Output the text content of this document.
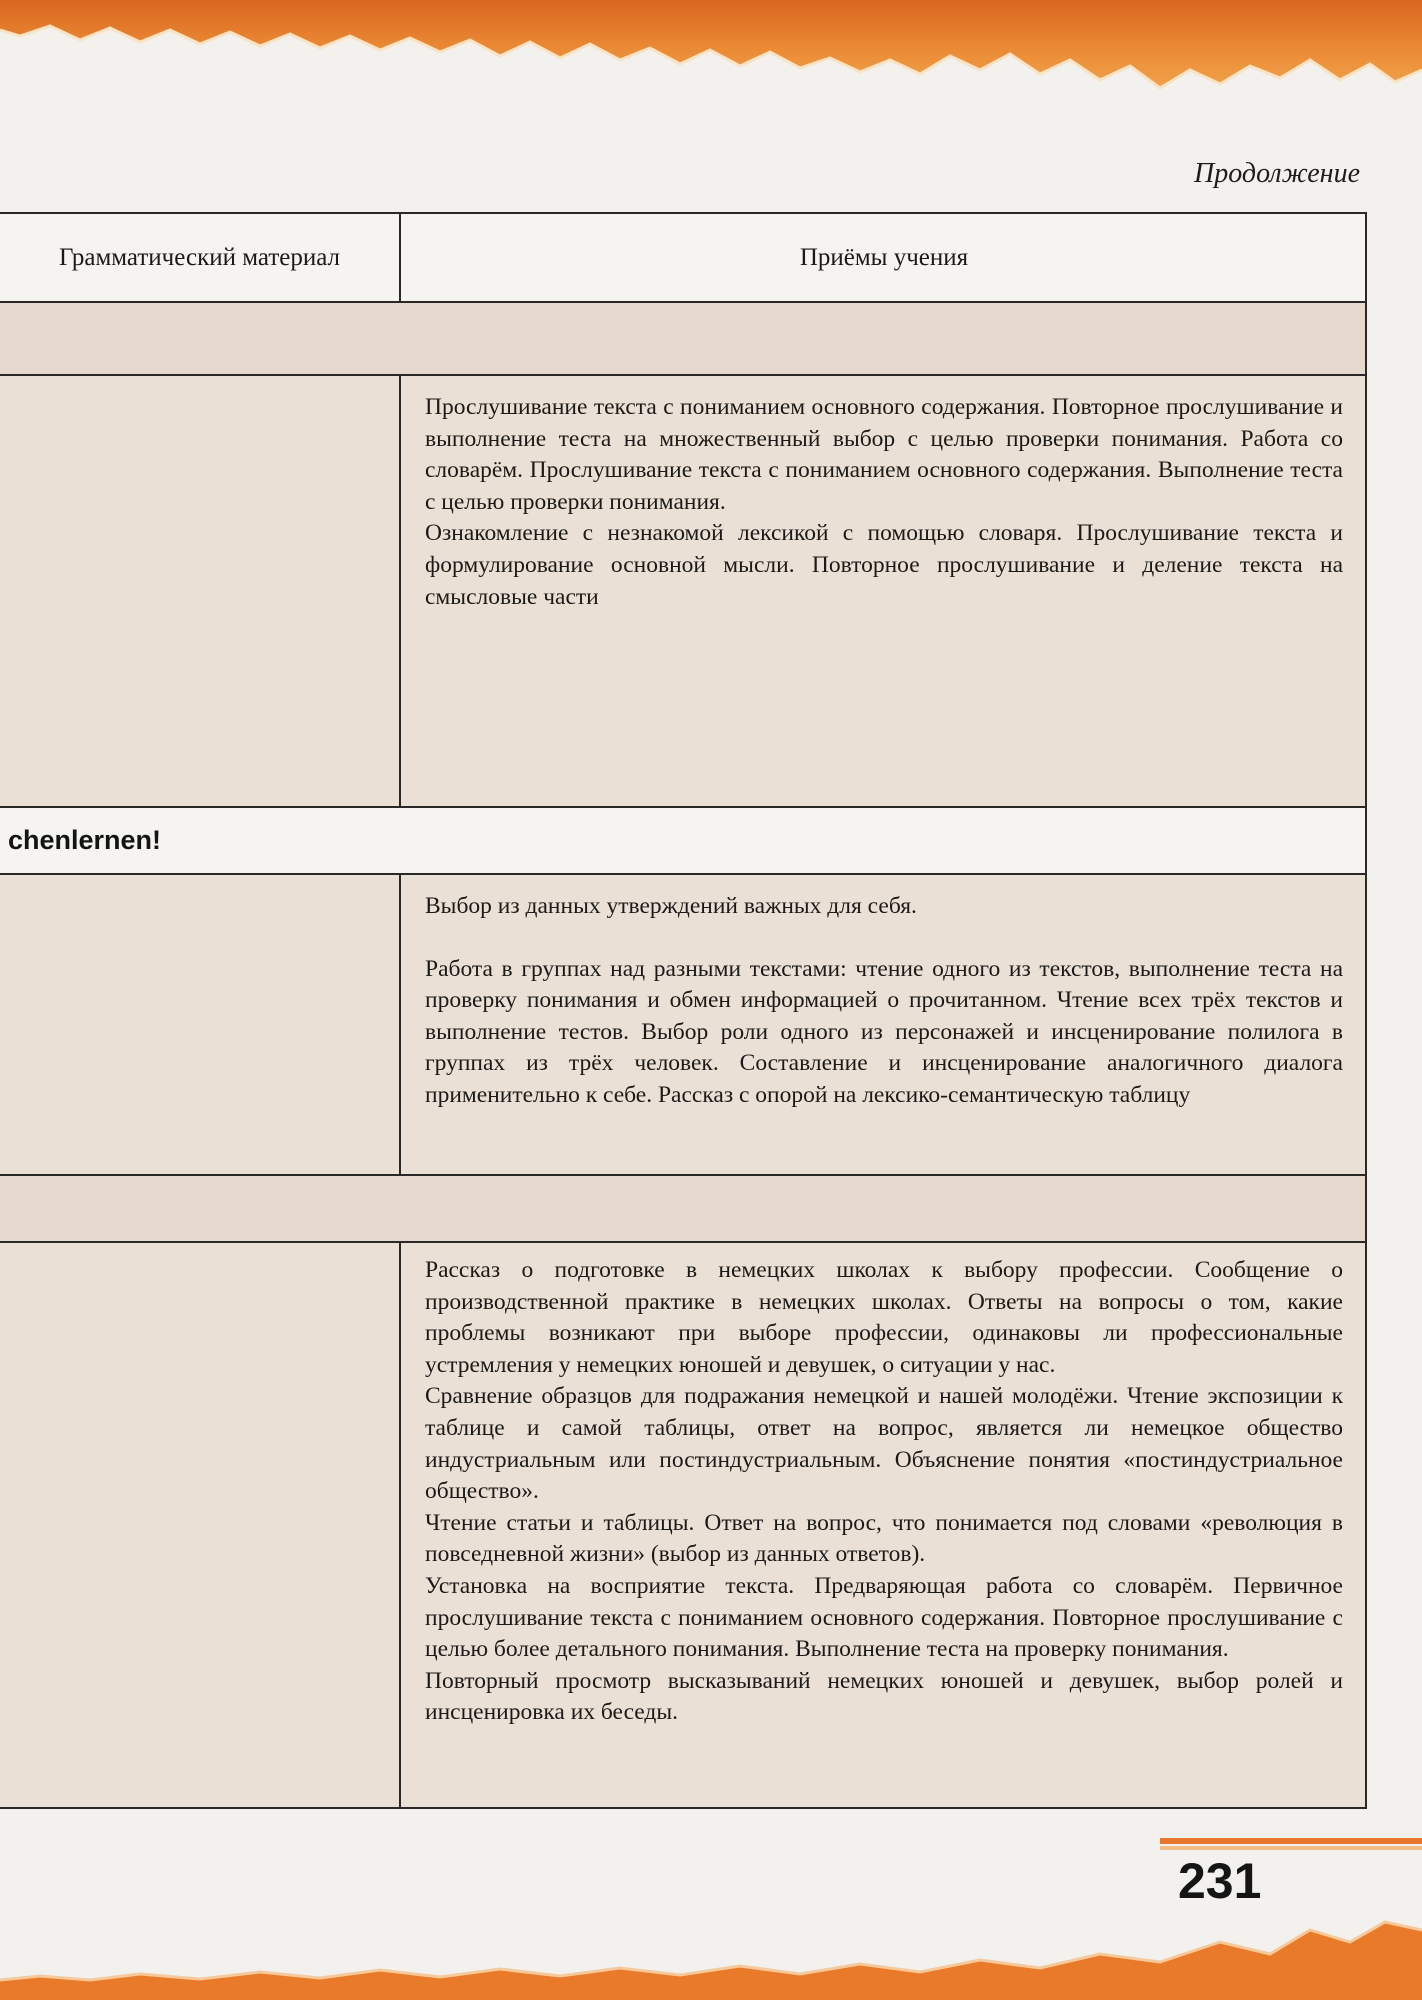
Продолжение
Грамматический материал	Приёмы учения

Прослушивание текста с пониманием основного содержания. Повторное прослушивание и выполнение теста на множественный выбор с целью проверки понимания. Работа со словарём. Прослушивание текста с пониманием основного содержания. Выполнение теста с целью проверки понимания.

Ознакомление с незнакомой лексикой с помощью словаря. Прослушивание текста и формулирование основной мысли. Повторное прослушивание и деление текста на смысловые части

chenlernen!

Выбор из данных утверждений важных для себя.

Работа в группах над разными текстами: чтение одного из текстов, выполнение теста на проверку понимания и обмен информацией о прочитанном. Чтение всех трёх текстов и выполнение тестов. Выбор роли одного из персонажей и инсценирование полилога в группах из трёх человек. Составление и инсценирование аналогичного диалога применительно к себе. Рассказ с опорой на лексико-семантическую таблицу

Рассказ о подготовке в немецких школах к выбору профессии. Сообщение о производственной практике в немецких школах. Ответы на вопросы о том, какие проблемы возникают при выборе профессии, одинаковы ли профессиональные устремления у немецких юношей и девушек, о ситуации у нас.

Сравнение образцов для подражания немецкой и нашей молодёжи. Чтение экспозиции к таблице и самой таблицы, ответ на вопрос, является ли немецкое общество индустриальным или постиндустриальным. Объяснение понятия «постиндустриальное общество».

Чтение статьи и таблицы. Ответ на вопрос, что понимается под словами «революция в повседневной жизни» (выбор из данных ответов).

Установка на восприятие текста. Предваряющая работа со словарём. Первичное прослушивание текста с пониманием основного содержания. Повторное прослушивание с целью более детального понимания. Выполнение теста на проверку понимания.

Повторный просмотр высказываний немецких юношей и девушек, выбор ролей и инсценировка их беседы.

231
